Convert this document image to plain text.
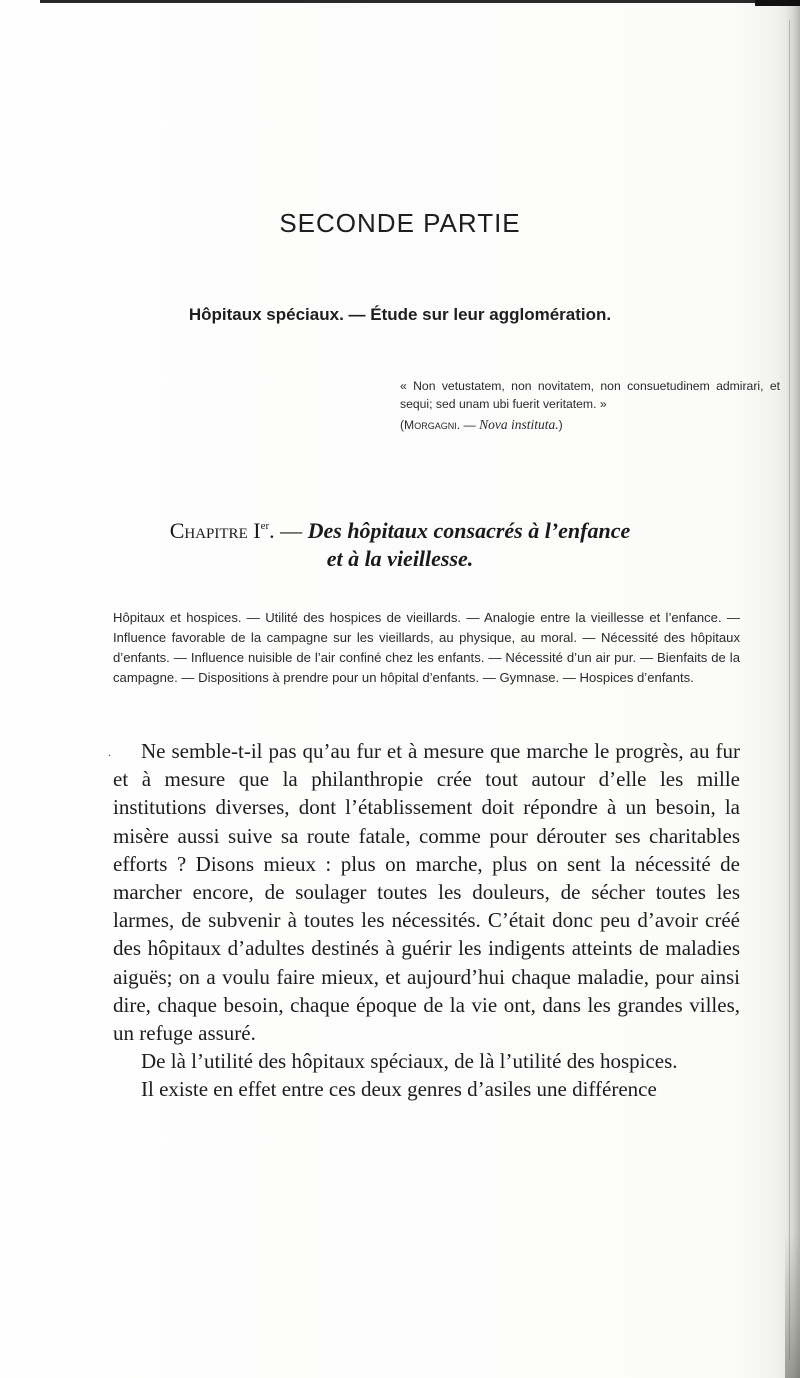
SECONDE PARTIE
Hôpitaux spéciaux. — Étude sur leur agglomération.
« Non vetustatem, non novitatem, non consuetudinem admirari, et sequi; sed unam ubi fuerit veritatem. »
(Morgagni. — Nova instituta.)
Chapitre Ier. — Des hôpitaux consacrés à l’enfance
et à la vieillesse.
Hôpitaux et hospices. — Utilité des hospices de vieillards. — Analogie entre la vieillesse et l’enfance. — Influence favorable de la campagne sur les vieillards, au physique, au moral. — Nécessité des hôpitaux d’enfants. — Influence nuisible de l’air confiné chez les enfants. — Nécessité d’un air pur. — Bienfaits de la campagne. — Dispositions à prendre pour un hôpital d’enfants. — Gymnase. — Hospices d’enfants.
.	Ne semble-t-il pas qu’au fur et à mesure que marche le progrès, au fur et à mesure que la philanthropie crée tout autour d’elle les mille institutions diverses, dont l’établissement doit répondre à un besoin, la misère aussi suive sa route fatale, comme pour dérouter ses charitables efforts ? Disons mieux : plus on marche, plus on sent la nécessité de marcher encore, de soulager toutes les douleurs, de sécher toutes les larmes, de subvenir à toutes les nécessités. C’était donc peu d’avoir créé des hôpitaux d’adultes destinés à guérir les indigents atteints de maladies aiguës; on a voulu faire mieux, et aujourd’hui chaque maladie, pour ainsi dire, chaque besoin, chaque époque de la vie ont, dans les grandes villes, un refuge assuré.

De là l’utilité des hôpitaux spéciaux, de là l’utilité des hospices.

Il existe en effet entre ces deux genres d’asiles une différence
